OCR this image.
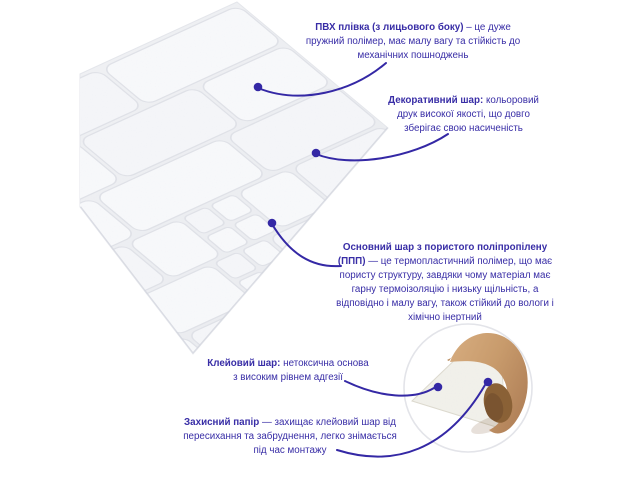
ПВХ плівка (з лицьового боку) – це дуже пружний полімер, має малу вагу та стійкість до механічних пошноджень
Декоративний шар: кольоровий друк високої якості, що довго зберігає свою насиченість
Основний шар з пористого поліпропілену (ППП) — це термопластичний полімер, що має пористу структуру, завдяки чому матеріал має гарну термоізоляцію і низьку щільність, а відповідно і малу вагу, також стійкий до вологи і хімічно інертний
Клейовий шар: нетоксична основа з високим рівнем адгезії
Захисний папір — захищає клейовий шар від пересихання та забруднення, легко знімається під час монтажу
